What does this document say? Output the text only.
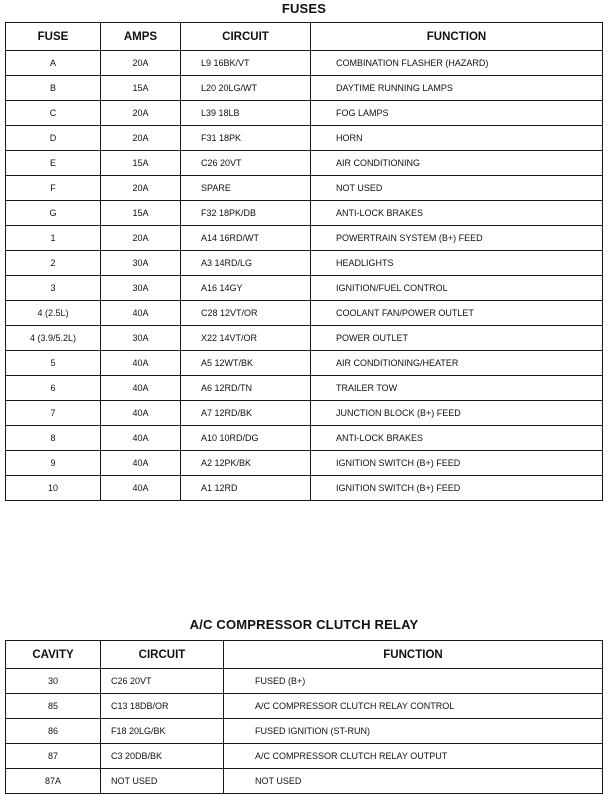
FUSES
FUSE	AMPS	CIRCUIT	FUNCTION
A	20A	L9 16BK/VT	COMBINATION FLASHER (HAZARD)
B	15A	L20 20LG/WT	DAYTIME RUNNING LAMPS
C	20A	L39 18LB	FOG LAMPS
D	20A	F31 18PK	HORN
E	15A	C26 20VT	AIR CONDITIONING
F	20A	SPARE	NOT USED
G	15A	F32 18PK/DB	ANTI-LOCK BRAKES
1	20A	A14 16RD/WT	POWERTRAIN SYSTEM (B+) FEED
2	30A	A3 14RD/LG	HEADLIGHTS
3	30A	A16 14GY	IGNITION/FUEL CONTROL
4 (2.5L)	40A	C28 12VT/OR	COOLANT FAN/POWER OUTLET
4 (3.9/5.2L)	30A	X22 14VT/OR	POWER OUTLET
5	40A	A5 12WT/BK	AIR CONDITIONING/HEATER
6	40A	A6 12RD/TN	TRAILER TOW
7	40A	A7 12RD/BK	JUNCTION BLOCK (B+) FEED
8	40A	A10 10RD/DG	ANTI-LOCK BRAKES
9	40A	A2 12PK/BK	IGNITION SWITCH (B+) FEED
10	40A	A1 12RD	IGNITION SWITCH (B+) FEED
A/C COMPRESSOR CLUTCH RELAY
CAVITY	CIRCUIT	FUNCTION
30	C26 20VT	FUSED (B+)
85	C13 18DB/OR	A/C COMPRESSOR CLUTCH RELAY CONTROL
86	F18 20LG/BK	FUSED IGNITION (ST-RUN)
87	C3 20DB/BK	A/C COMPRESSOR CLUTCH RELAY OUTPUT
87A	NOT USED	NOT USED
